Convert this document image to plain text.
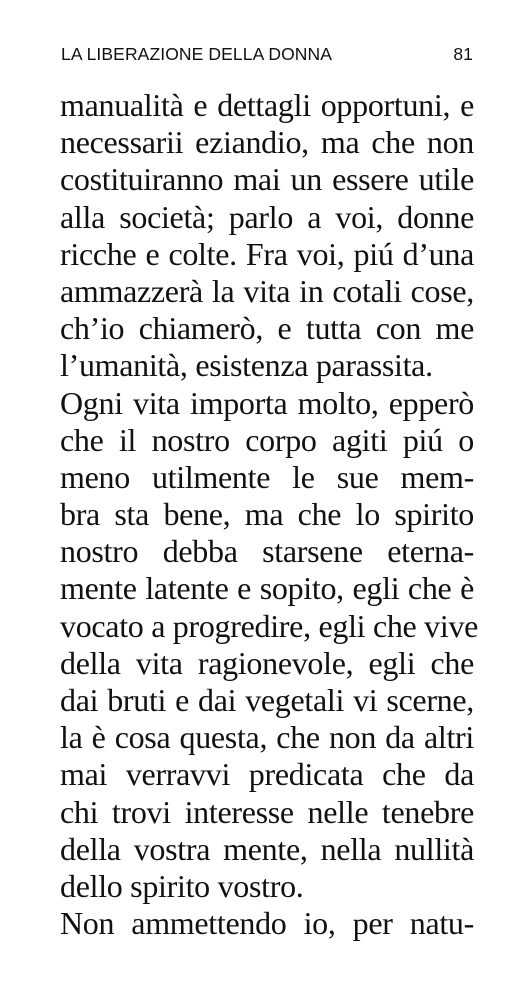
LA LIBERAZIONE DELLA DONNA	81
manualità e dettagli opportuni, e
necessarii eziandio, ma che non
costituiranno mai un essere utile
alla società; parlo a voi, donne
ricche e colte. Fra voi, piú d’una
ammazzerà la vita in cotali cose,
ch’io chiamerò, e tutta con me
l’umanità, esistenza parassita.
Ogni vita importa molto, epperò
che il nostro corpo agiti piú o
meno utilmente le sue mem-
bra sta bene, ma che lo spirito
nostro debba starsene eterna-
mente latente e sopito, egli che è
vocato a progredire, egli che vive
della vita ragionevole, egli che
dai bruti e dai vegetali vi scerne,
la è cosa questa, che non da altri
mai verravvi predicata che da
chi trovi interesse nelle tenebre
della vostra mente, nella nullità
dello spirito vostro.
Non ammettendo io, per natu-
